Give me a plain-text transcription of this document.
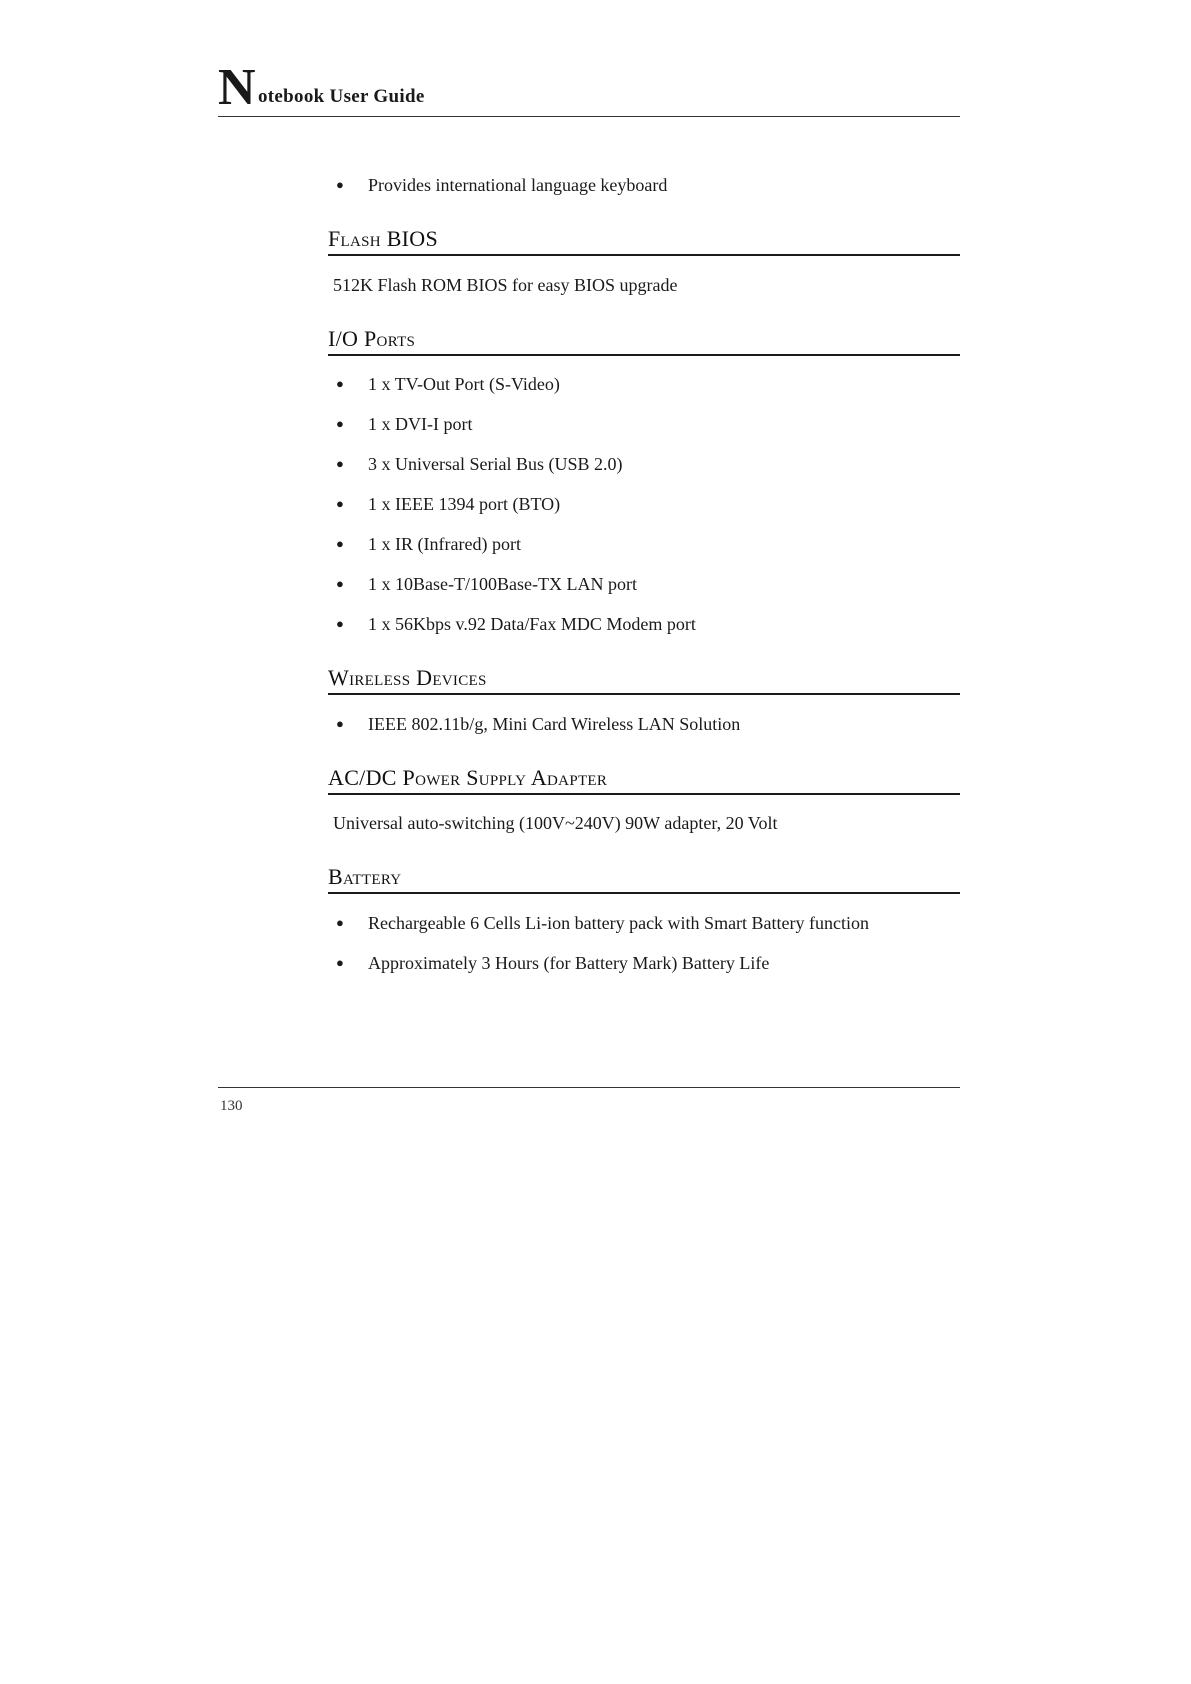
N otebook User Guide
● Provides international language keyboard
Flash BIOS
512K Flash ROM BIOS for easy BIOS upgrade
I/O Ports
● 1 x TV-Out Port (S-Video)
● 1 x DVI-I port
● 3 x Universal Serial Bus (USB 2.0)
● 1 x IEEE 1394 port (BTO)
● 1 x IR (Infrared) port
● 1 x 10Base-T/100Base-TX LAN port
● 1 x 56Kbps v.92 Data/Fax MDC Modem port
Wireless Devices
● IEEE 802.11b/g, Mini Card Wireless LAN Solution
AC/DC Power Supply Adapter
Universal auto-switching (100V~240V) 90W adapter, 20 Volt
Battery
● Rechargeable 6 Cells Li-ion battery pack with Smart Battery function
● Approximately 3 Hours (for Battery Mark) Battery Life
130
